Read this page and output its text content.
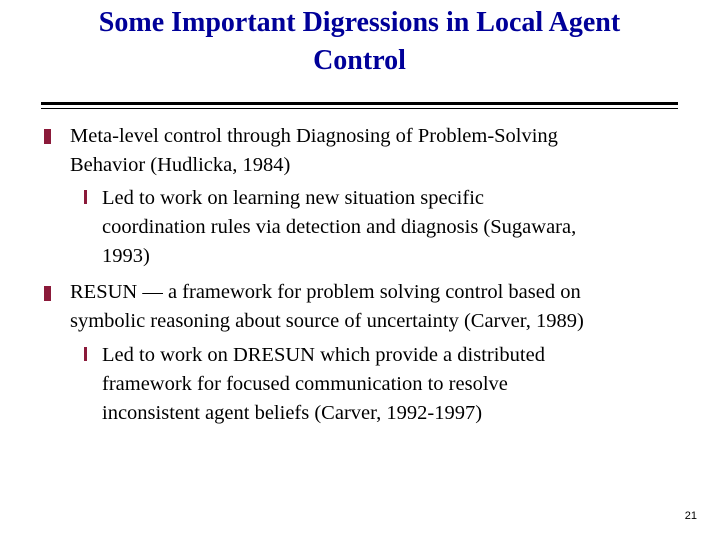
Some Important Digressions in Local Agent
Control
Meta-level control through Diagnosing of Problem-Solving
Behavior (Hudlicka, 1984)
Led to work on learning new situation specific
coordination rules via detection and diagnosis (Sugawara,
1993)
RESUN — a framework for problem solving control based on
symbolic reasoning about source of uncertainty (Carver, 1989)
Led to work on DRESUN which provide a distributed
framework for focused communication to resolve
inconsistent agent beliefs (Carver, 1992-1997)
21
